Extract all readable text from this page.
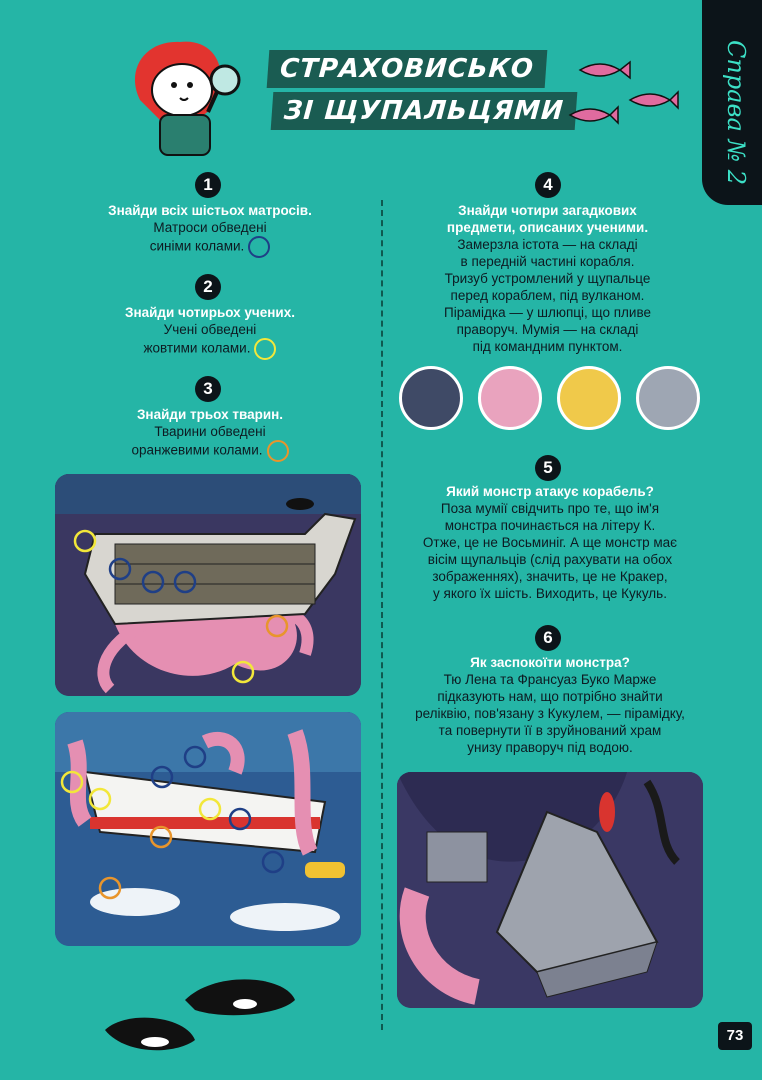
Справа № 2
СТРАХОВИСЬКО
ЗІ ЩУПАЛЬЦЯМИ
1
Знайди всіх шістьох матросів.
Матроси обведені
синіми колами.
2
Знайди чотирьох учених.
Учені обведені
жовтими колами.
3
Знайди трьох тварин.
Тварини обведені
оранжевими колами.
4
Знайди чотири загадкових
предмети, описаних ученими.
Замерзла істота — на складі
в передній частині корабля.
Тризуб устромлений у щупальце
перед кораблем, під вулканом.
Пірамідка — у шлюпці, що пливе
праворуч. Мумія — на складі
під командним пунктом.
5
Який монстр атакує корабель?
Поза мумії свідчить про те, що ім'я
монстра починається на літеру К.
Отже, це не Восьминіг. А ще монстр має
вісім щупальців (слід рахувати на обох
зображеннях), значить, це не Кракер,
у якого їх шість. Виходить, це Кукуль.
6
Як заспокоїти монстра?
Тю Лена та Франсуаз Буко Марже
підказують нам, що потрібно знайти
реліквію, пов'язану з Кукулем, — пірамідку,
та повернути її в зруйнований храм
унизу праворуч під водою.
73
